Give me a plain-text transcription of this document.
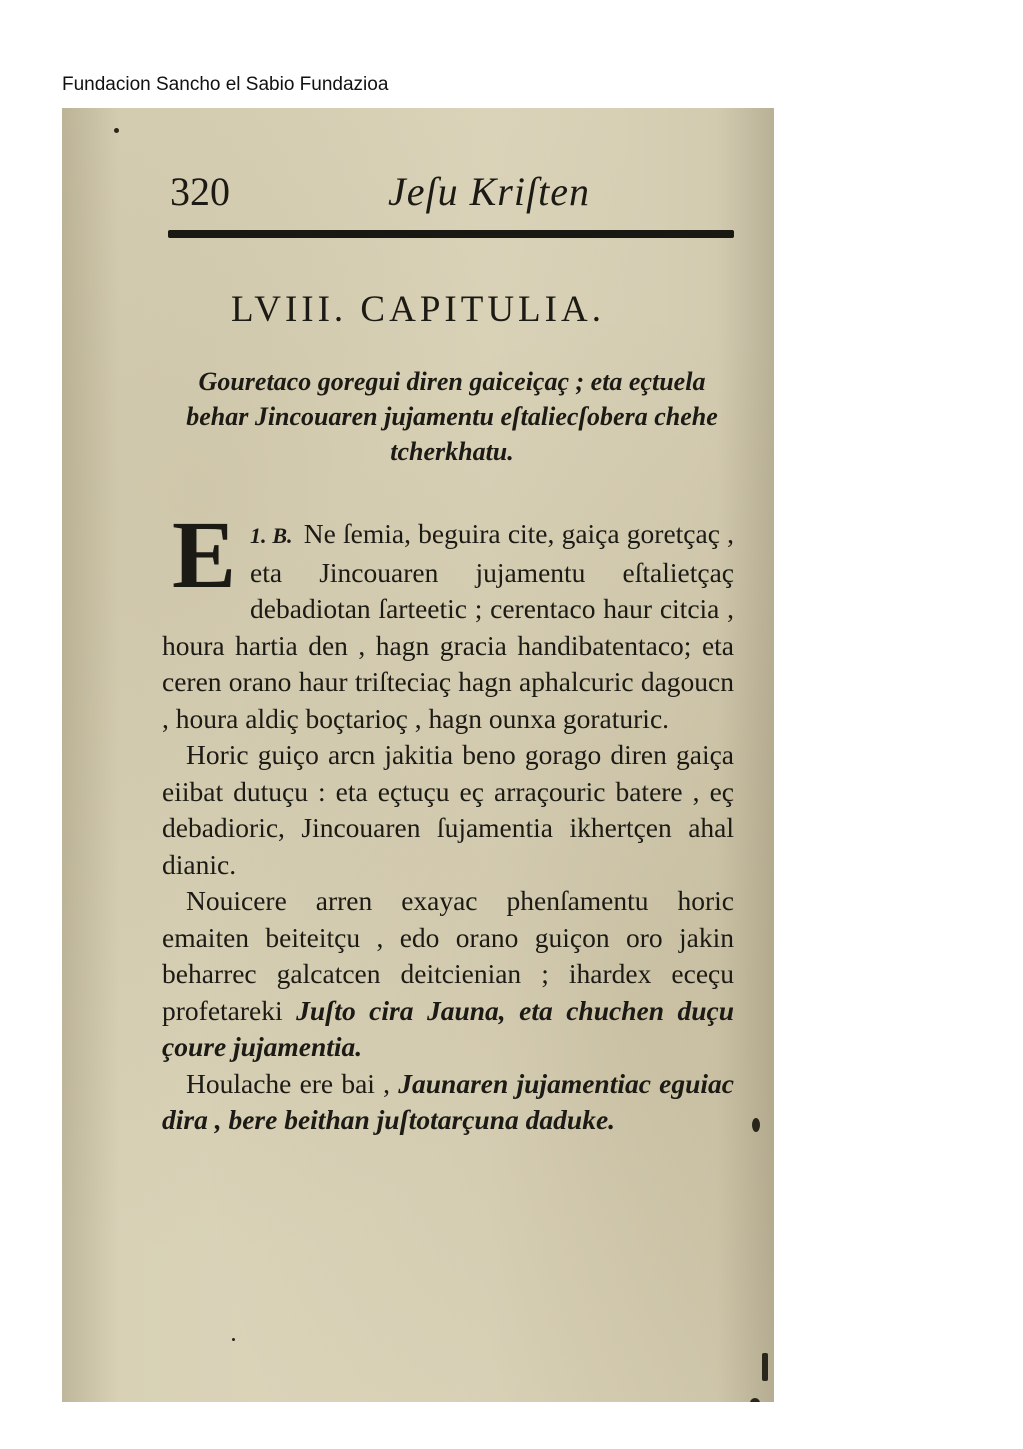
Fundacion Sancho el Sabio Fundazioa
320	Jeſu Kriſten
LVIII. CAPITULIA.
Gouretaco goregui diren gaiceiçaç ; eta eçtuela behar Jincouaren jujamentu eſtaliecſobera chehe tcherkhatu.

1. B.
E Ne ſemia, beguira cite, gaiça goretçaç , eta Jincouaren jujamentu eſtalietçaç debadiotan ſarteetic ; cerentaco haur citcia , houra hartia den , hagn gracia handibatentaco; eta ceren orano haur triſteciaç hagn aphalcuric dagoucn , houra aldiç boçtarioç , hagn ounxa goraturic.

Horic guiço arcn jakitia beno gorago diren gaiça eiibat dutuçu : eta eçtuçu eç arraçouric batere , eç debadioric, Jincouaren ſujamentia ikhertçen ahal dianic.

Nouicere arren exayac phenſamentu horic emaiten beiteitçu , edo orano guiçon oro jakin beharrec galcatcen deitcienian ; ihardex eceçu profetareki Juſto cira Jauna, eta chuchen duçu çoure jujamentia.

Houlache ere bai , Jaunaren jujamentiac eguiac dira , bere beithan juſtotarçuna daduke.
